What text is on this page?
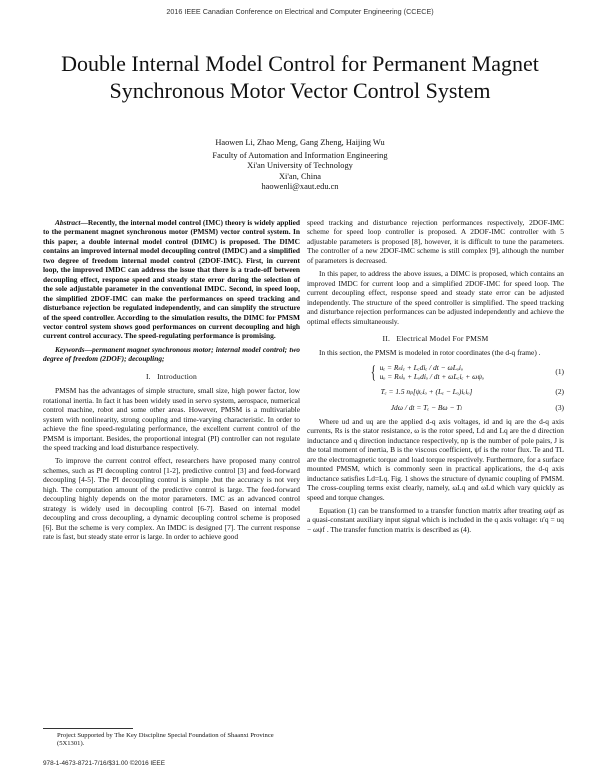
2016 IEEE Canadian Conference on Electrical and Computer Engineering (CCECE)
Double Internal Model Control for Permanent Magnet Synchronous Motor Vector Control System
Haowen Li, Zhao Meng, Gang Zheng, Haijing Wu
Faculty of Automation and Information Engineering
Xi'an University of Technology
Xi'an, China
haowenli@xaut.edu.cn

Abstract—Recently, the internal model control (IMC) theory is widely applied to the permanent magnet synchronous motor (PMSM) vector control system. In this paper, a double internal model control (DIMC) is proposed. The DIMC contains an improved internal model decoupling control (IMDC) and a simplified two degree of freedom internal model control (2DOF-IMC). First, in current loop, the improved IMDC can address the issue that there is a trade-off between decoupling effect, response speed and steady state error during the selection of the sole adjustable parameter in the conventional IMDC. Second, in speed loop, the simplified 2DOF-IMC can make the performances on speed tracking and disturbance rejection be regulated independently, and can simplify the structure of the speed controller. According to the simulation results, the DIMC for PMSM vector control system shows good performances on current decoupling and high current control accuracy. The speed-regulating performance is promising.

Keywords—permanent magnet synchronous motor; internal model control; two degree of freedom (2DOF); decoupling;

I. Introduction

PMSM has the advantages of simple structure, small size, high power factor, low rotational inertia. In fact it has been widely used in servo system, aerospace, numerical control machine, robot and some other areas. However, PMSM is a multivariable system with nonlinearity, strong coupling and time-varying characteristic. In order to achieve the fine speed-regulating performance, the excellent current control of the PMSM is important. Besides, the proportional integral (PI) controller can not regulate the speed tracking and load disturbance respectively.

To improve the current control effect, researchers have proposed many control schemes, such as PI decoupling control [1-2], predictive control [3] and feed-forward decoupling [4-5]. The PI decoupling control is simple ,but the accuracy is not very high. The computation amount of the predictive control is large. The feed-forward decoupling highly depends on the motor parameters. IMC as an advanced control strategy is widely used in decoupling control [6-7]. Based on internal model decoupling and cross decoupling, a dynamic decoupling control scheme is proposed [6]. But the scheme is very complex. An IMDC is designed [7]. The current response rate is fast, but steady state error is large. In order to achieve good

speed tracking and disturbance rejection performances respectively, 2DOF-IMC scheme for speed loop controller is proposed. A 2DOF-IMC controller with 5 adjustable parameters is proposed [8], however, it is difficult to tune the parameters. The controller of a new 2DOF-IMC scheme is still complex [9], although the number of parameters is decreased.

In this paper, to address the above issues, a DIMC is proposed, which contains an improved IMDC for current loop and a simplified 2DOF-IMC for speed loop. The current decoupling effect, response speed and steady state error can be adjusted independently. The structure of the speed controller is simplified. The speed tracking and disturbance rejection performances can be adjusted independently and achieve the optimal effects simultaneously.

II. Electrical Model For PMSM

In this section, the PMSM is modeled in rotor coordinates (the d-q frame) .

{ uₑ = Rₛiₑ + Lₑdiₑ / dt − ωLₒiₒ
uₒ = Rₛiₒ + Lₒdiₒ / dt + ωLₑiₑ + ωψₒ
(1)
Tₑ = 1.5 nₚ[ψₒiₒ + (Lₑ − Lₒ)iₑiₒ]	(2)
Jdω / dt = Tₑ − Bω − Tₗ	(3)

Where ud and uq are the applied d-q axis voltages, id and iq are the d-q axis currents, Rs is the stator resistance, ω is the rotor speed, Ld and Lq are the d direction inductance and q direction inductance respectively, np is the number of pole pairs, J is the total moment of inertia, B is the viscous coefficient, ψf is the rotor flux. Te and TL are the electromagnetic torque and load torque respectively. Furthermore, for a surface mounted PMSM, which is commonly seen in practical applications, the d-q axis inductance satisfies Ld=Lq. Fig. 1 shows the structure of dynamic coupling of PMSM. The cross-coupling terms exist clearly, namely, ωLq and ωLd which vary quickly as speed and torque changes.

Equation (1) can be transformed to a transfer function matrix after treating ωψf as a quasi-constant auxiliary input signal which is included in the q axis voltage: u′q = uq − ωψf . The transfer function matrix is described as (4).

Project Supported by The Key Discipline Special Foundation of Shaanxi Province (5X1301).
978-1-4673-8721-7/16/$31.00 ©2016 IEEE
